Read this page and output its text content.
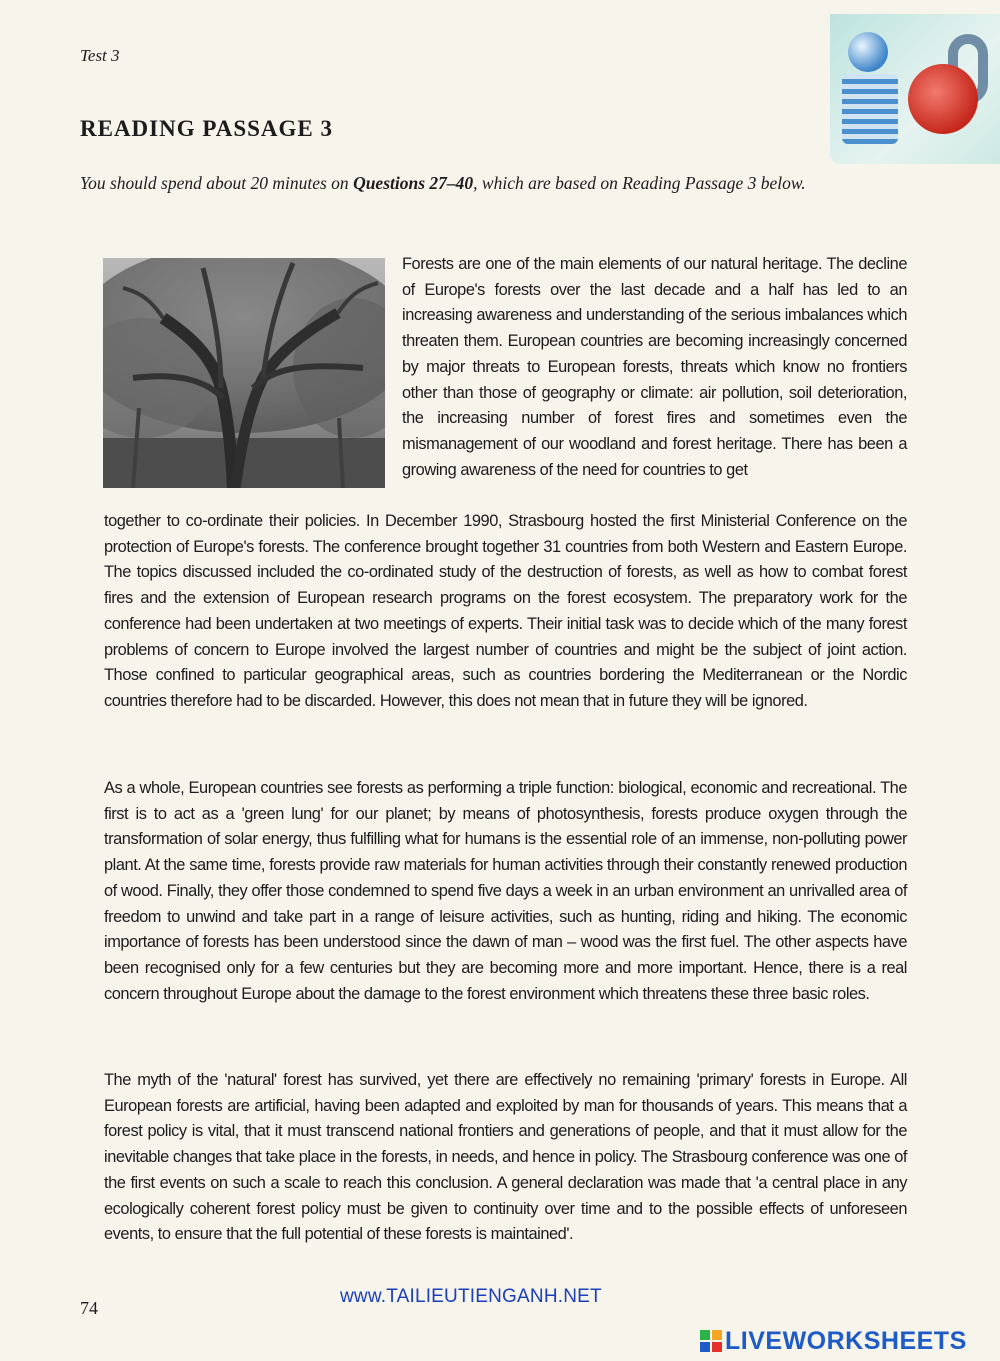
Test 3
READING PASSAGE 3
You should spend about 20 minutes on Questions 27–40, which are based on Reading Passage 3 below.
Forests are one of the main elements of our natural heritage. The decline of Europe's forests over the last decade and a half has led to an increasing awareness and understanding of the serious imbalances which threaten them. European countries are becoming increasingly concerned by major threats to European forests, threats which know no frontiers other than those of geography or climate: air pollution, soil deterioration, the increasing number of forest fires and sometimes even the mismanagement of our woodland and forest heritage. There has been a growing awareness of the need for countries to get
together to co-ordinate their policies. In December 1990, Strasbourg hosted the first Ministerial Conference on the protection of Europe's forests. The conference brought together 31 countries from both Western and Eastern Europe. The topics discussed included the co-ordinated study of the destruction of forests, as well as how to combat forest fires and the extension of European research programs on the forest ecosystem. The preparatory work for the conference had been undertaken at two meetings of experts. Their initial task was to decide which of the many forest problems of concern to Europe involved the largest number of countries and might be the subject of joint action. Those confined to particular geographical areas, such as countries bordering the Mediterranean or the Nordic countries therefore had to be discarded. However, this does not mean that in future they will be ignored.
As a whole, European countries see forests as performing a triple function: biological, economic and recreational. The first is to act as a 'green lung' for our planet; by means of photosynthesis, forests produce oxygen through the transformation of solar energy, thus fulfilling what for humans is the essential role of an immense, non-polluting power plant. At the same time, forests provide raw materials for human activities through their constantly renewed production of wood. Finally, they offer those condemned to spend five days a week in an urban environment an unrivalled area of freedom to unwind and take part in a range of leisure activities, such as hunting, riding and hiking. The economic importance of forests has been understood since the dawn of man – wood was the first fuel. The other aspects have been recognised only for a few centuries but they are becoming more and more important. Hence, there is a real concern throughout Europe about the damage to the forest environment which threatens these three basic roles.
The myth of the 'natural' forest has survived, yet there are effectively no remaining 'primary' forests in Europe. All European forests are artificial, having been adapted and exploited by man for thousands of years. This means that a forest policy is vital, that it must transcend national frontiers and generations of people, and that it must allow for the inevitable changes that take place in the forests, in needs, and hence in policy. The Strasbourg conference was one of the first events on such a scale to reach this conclusion. A general declaration was made that 'a central place in any ecologically coherent forest policy must be given to continuity over time and to the possible effects of unforeseen events, to ensure that the full potential of these forests is maintained'.
74
www.TAILIEUTIENGANH.NET
LIVEWORKSHEETS
